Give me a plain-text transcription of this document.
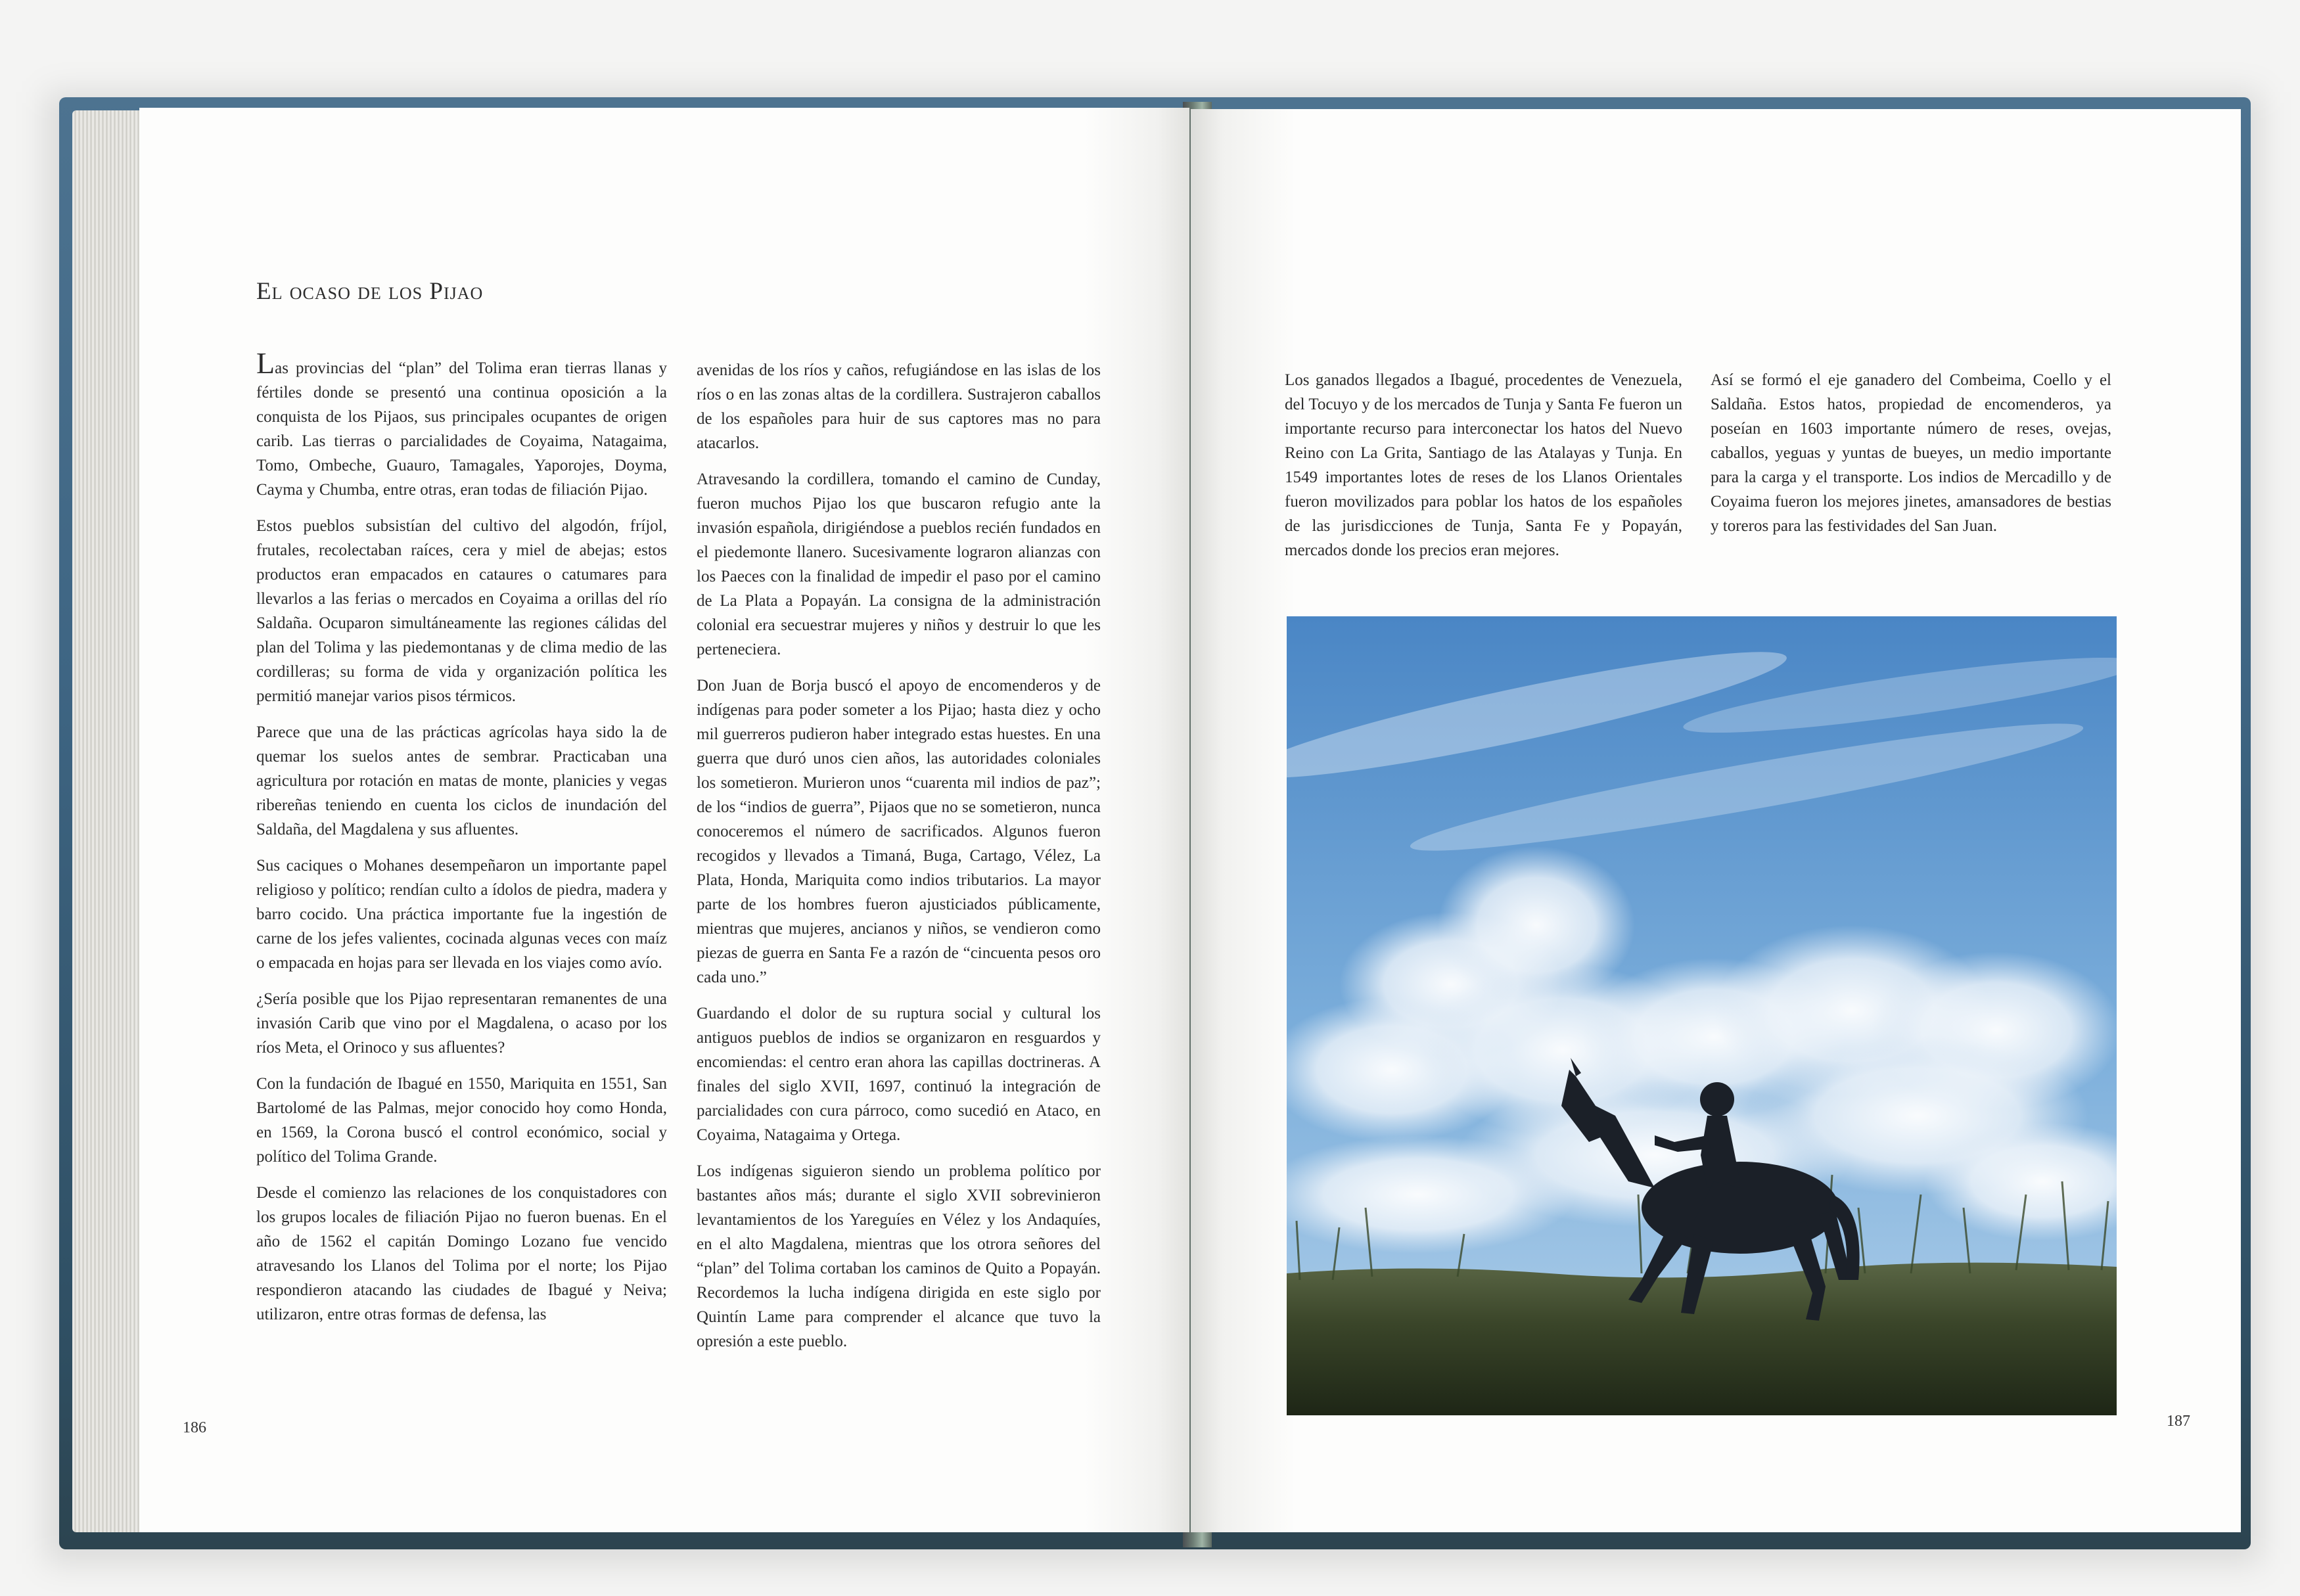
El ocaso de los Pijao

Las provincias del “plan” del Tolima eran tierras llanas y fértiles donde se presentó una continua oposición a la conquista de los Pijaos, sus principales ocupantes de origen carib. Las tierras o parcialidades de Coyaima, Natagaima, Tomo, Ombeche, Guauro, Tamagales, Yaporojes, Doyma, Cayma y Chumba, entre otras, eran todas de filiación Pijao.

Estos pueblos subsistían del cultivo del algodón, fríjol, frutales, recolectaban raíces, cera y miel de abejas; estos productos eran empacados en cataures o catumares para llevarlos a las ferias o mercados en Coyaima a orillas del río Saldaña. Ocuparon simultáneamente las regiones cálidas del plan del Tolima y las piedemontanas y de clima medio de las cordilleras; su forma de vida y organización política les permitió manejar varios pisos térmicos.

Parece que una de las prácticas agrícolas haya sido la de quemar los suelos antes de sembrar. Practicaban una agricultura por rotación en matas de monte, planicies y vegas ribereñas teniendo en cuenta los ciclos de inundación del Saldaña, del Magdalena y sus afluentes.

Sus caciques o Mohanes desempeñaron un importante papel religioso y político; rendían culto a ídolos de piedra, madera y barro cocido. Una práctica importante fue la ingestión de carne de los jefes valientes, cocinada algunas veces con maíz o empacada en hojas para ser llevada en los viajes como avío.

¿Sería posible que los Pijao representaran remanentes de una invasión Carib que vino por el Magdalena, o acaso por los ríos Meta, el Orinoco y sus afluentes?

Con la fundación de Ibagué en 1550, Mariquita en 1551, San Bartolomé de las Palmas, mejor conocido hoy como Honda, en 1569, la Corona buscó el control económico, social y político del Tolima Grande.

Desde el comienzo las relaciones de los conquistadores con los grupos locales de filiación Pijao no fueron buenas. En el año de 1562 el capitán Domingo Lozano fue vencido atravesando los Llanos del Tolima por el norte; los Pijao respondieron atacando las ciudades de Ibagué y Neiva; utilizaron, entre otras formas de defensa, las

avenidas de los ríos y caños, refugiándose en las islas de los ríos o en las zonas altas de la cordillera. Sustrajeron caballos de los españoles para huir de sus captores mas no para atacarlos.

Atravesando la cordillera, tomando el camino de Cunday, fueron muchos Pijao los que buscaron refugio ante la invasión española, dirigiéndose a pueblos recién fundados en el piedemonte llanero. Sucesivamente lograron alianzas con los Paeces con la finalidad de impedir el paso por el camino de La Plata a Popayán. La consigna de la administración colonial era secuestrar mujeres y niños y destruir lo que les perteneciera.

Don Juan de Borja buscó el apoyo de encomenderos y de indígenas para poder someter a los Pijao; hasta diez y ocho mil guerreros pudieron haber integrado estas huestes. En una guerra que duró unos cien años, las autoridades coloniales los sometieron. Murieron unos “cuarenta mil indios de paz”; de los “indios de guerra”, Pijaos que no se sometieron, nunca conoceremos el número de sacrificados. Algunos fueron recogidos y llevados a Timaná, Buga, Cartago, Vélez, La Plata, Honda, Mariquita como indios tributarios. La mayor parte de los hombres fueron ajusticiados públicamente, mientras que mujeres, ancianos y niños, se vendieron como piezas de guerra en Santa Fe a razón de “cincuenta pesos oro cada uno.”

Guardando el dolor de su ruptura social y cultural los antiguos pueblos de indios se organizaron en resguardos y encomiendas: el centro eran ahora las capillas doctrineras. A finales del siglo XVII, 1697, continuó la integración de parcialidades con cura párroco, como sucedió en Ataco, en Coyaima, Natagaima y Ortega.

Los indígenas siguieron siendo un problema político por bastantes años más; durante el siglo XVII sobrevinieron levantamientos de los Yareguíes en Vélez y los Andaquíes, en el alto Magdalena, mientras que los otrora señores del “plan” del Tolima cortaban los caminos de Quito a Popayán. Recordemos la lucha indígena dirigida en este siglo por Quintín Lame para comprender el alcance que tuvo la opresión a este pueblo.

186

Los ganados llegados a Ibagué, procedentes de Venezuela, del Tocuyo y de los mercados de Tunja y Santa Fe fueron un importante recurso para interconectar los hatos del Nuevo Reino con La Grita, Santiago de las Atalayas y Tunja. En 1549 importantes lotes de reses de los Llanos Orientales fueron movilizados para poblar los hatos de los españoles de las jurisdicciones de Tunja, Santa Fe y Popayán, mercados donde los precios eran mejores.

Así se formó el eje ganadero del Combeima, Coello y el Saldaña. Estos hatos, propiedad de encomenderos, ya poseían en 1603 importante número de reses, ovejas, caballos, yeguas y yuntas de bueyes, un medio importante para la carga y el transporte. Los indios de Mercadillo y de Coyaima fueron los mejores jinetes, amansadores de bestias y toreros para las festividades del San Juan.

187
